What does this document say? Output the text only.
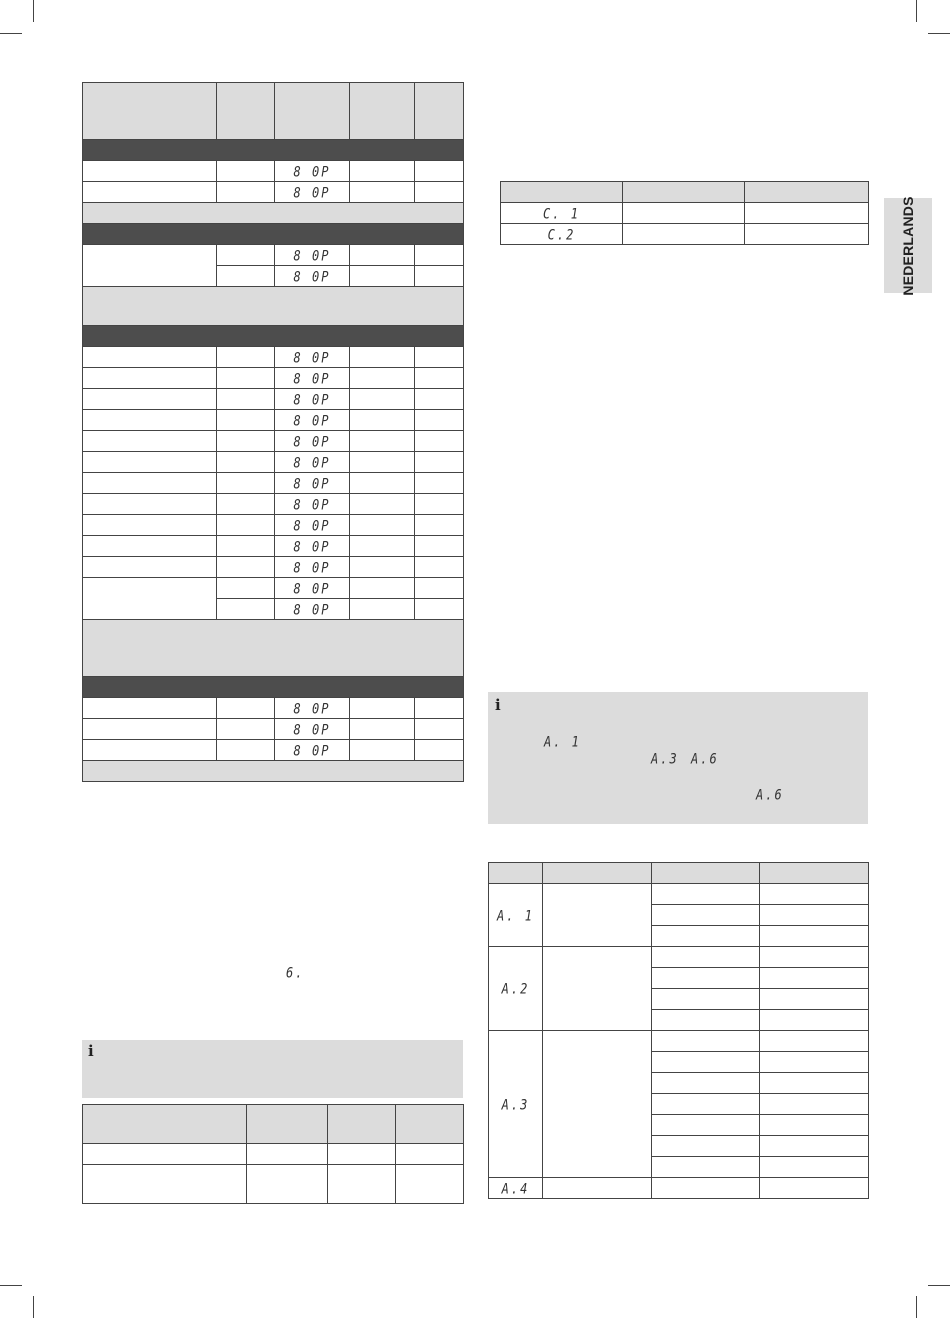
NEDERLANDS

		8 0P		
		8 0P		

		8 0P		
		8 0P		

		8 0P		
		8 0P		
		8 0P		
		8 0P		
		8 0P		
		8 0P		
		8 0P		
		8 0P		
		8 0P		
		8 0P		
		8 0P		
		8 0P		
		8 0P		

		8 0P		
		8 0P		
		8 0P		

6.
i

C. 1		
C.2		
i
A. 1
A.3 A.6
A.6

A. 1			

A.2			

A.3			

A.4			
